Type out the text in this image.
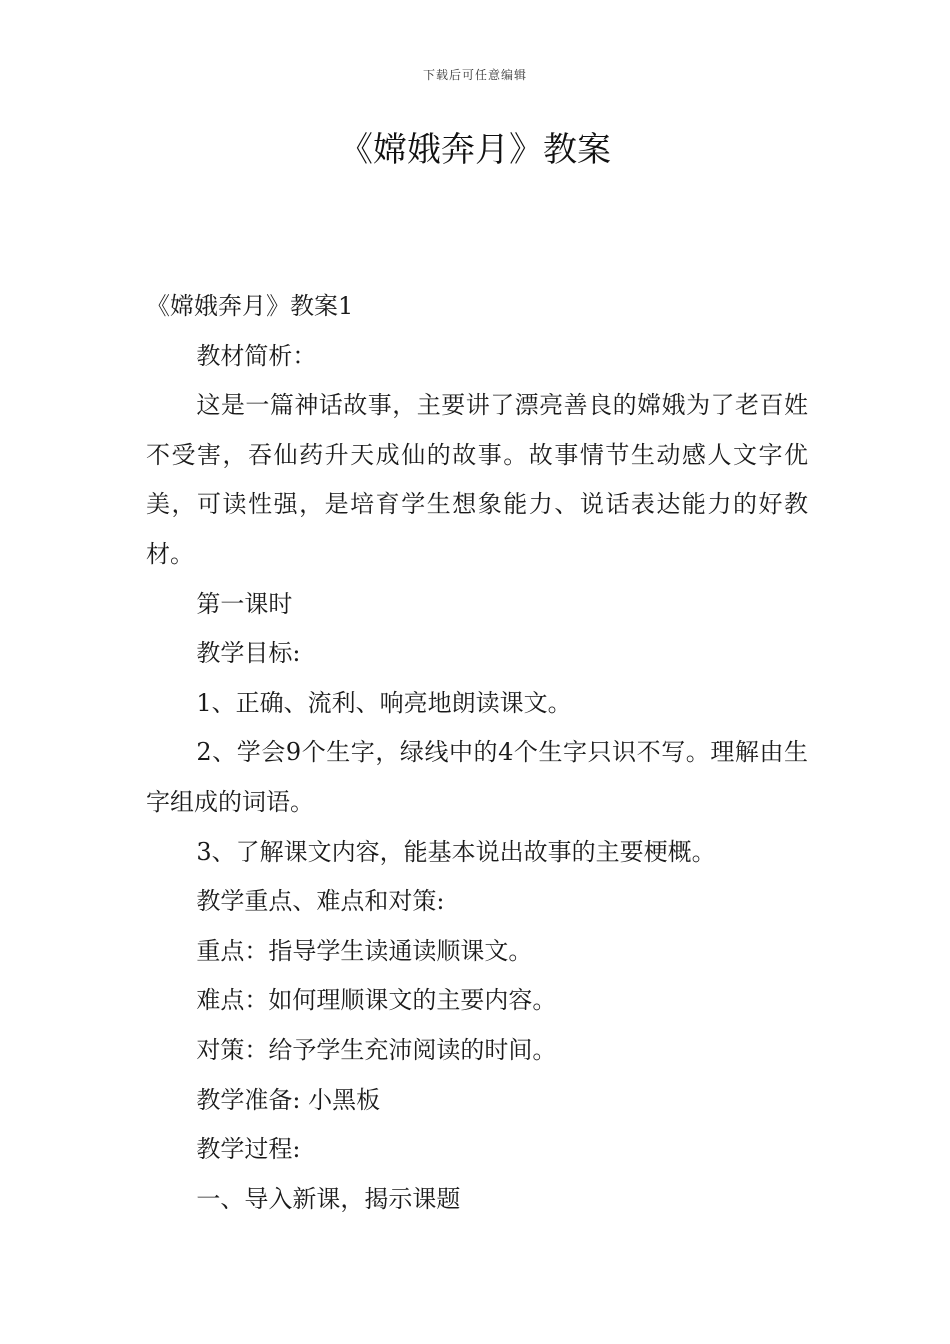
下载后可任意编辑
《嫦娥奔月》教案

《嫦娥奔月》教案1

教材简析：

这是一篇神话故事，主要讲了漂亮善良的嫦娥为了老百姓不受害，吞仙药升天成仙的故事。故事情节生动感人文字优美，可读性强，是培育学生想象能力、说话表达能力的好教材。

第一课时

教学目标:

1、正确、流利、响亮地朗读课文。

2、学会9个生字，绿线中的4个生字只识不写。理解由生字组成的词语。

3、了解课文内容，能基本说出故事的主要梗概。

教学重点、难点和对策:

重点：指导学生读通读顺课文。

难点：如何理顺课文的主要内容。

对策：给予学生充沛阅读的时间。

教学准备: 小黑板

教学过程:

一、导入新课，揭示课题
